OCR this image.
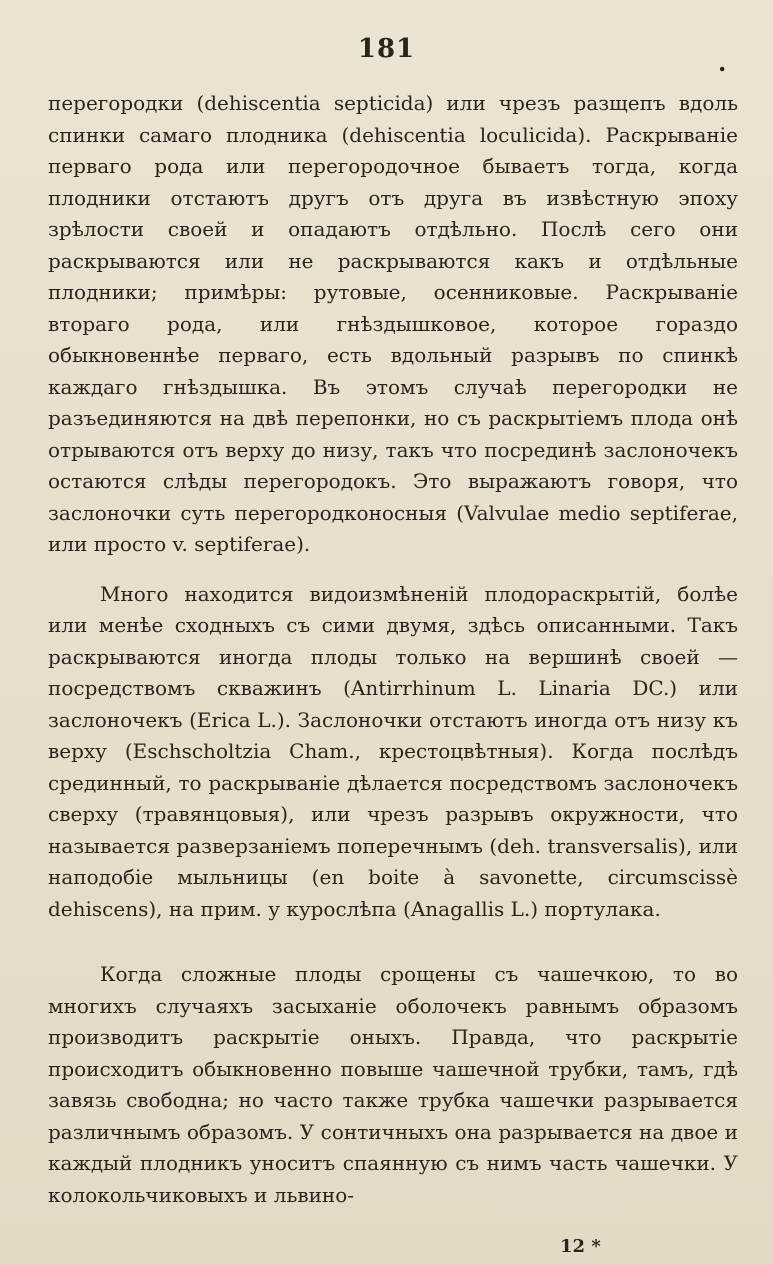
181	.

перегородки (dehiscentia septicida) или чрезъ разщепъ вдоль спинки самаго плодника (dehiscentia loculicida). Раскрываніе перваго рода или перегородочное бываетъ тогда, когда плодники отстаютъ другъ отъ друга въ извѣстную эпоху зрѣлости своей и опадаютъ отдѣльно. Послѣ сего они раскрываются или не раскрываются какъ и отдѣльные плодники; примѣры: рутовые, осенниковые. Раскрываніе втораго рода, или гнѣздышковое, которое гораздо обыкновеннѣе перваго, есть вдольный разрывъ по спинкѣ каждаго гнѣздышка. Въ этомъ случаѣ перегородки не разъединяются на двѣ перепонки, но съ раскрытіемъ плода онѣ отрываются отъ верху до низу, такъ что посрединѣ заслоночекъ остаются слѣды перегородокъ. Это выражаютъ говоря, что заслоночки суть перегородконосныя (Valvulae medio septiferae, или просто v. septiferae).

Много находится видоизмѣненій плодораскрытій, болѣе или менѣе сходныхъ съ сими двумя, здѣсь описанными. Такъ раскрываются иногда плоды только на вершинѣ своей — посредствомъ скважинъ (Antirrhinum L. Linaria DC.) или заслоночекъ (Erica L.). Заслоночки отстаютъ иногда отъ низу къ верху (Eschscholtzia Cham., крестоцвѣтныя). Когда послѣдъ срединный, то раскрываніе дѣлается посредствомъ заслоночекъ сверху (травянцовыя), или чрезъ разрывъ окружности, что называется разверзаніемъ поперечнымъ (deh. transversalis), или наподобіе мыльницы (en boite à savonette, circumscissè dehiscens), на прим. у курослѣпа (Anagallis L.) портулака.

Когда сложные плоды срощены съ чашечкою, то во многихъ случаяхъ засыханіе оболочекъ равнымъ образомъ производитъ раскрытіе оныхъ. Правда, что раскрытіе происходитъ обыкновенно повыше чашечной трубки, тамъ, гдѣ завязь свободна; но часто также трубка чашечки разрывается различнымъ образомъ. У сонтичныхъ она разрывается на двое и каждый плодникъ уноситъ спаянную съ нимъ часть чашечки. У колокольчиковыхъ и львино-

12 *
